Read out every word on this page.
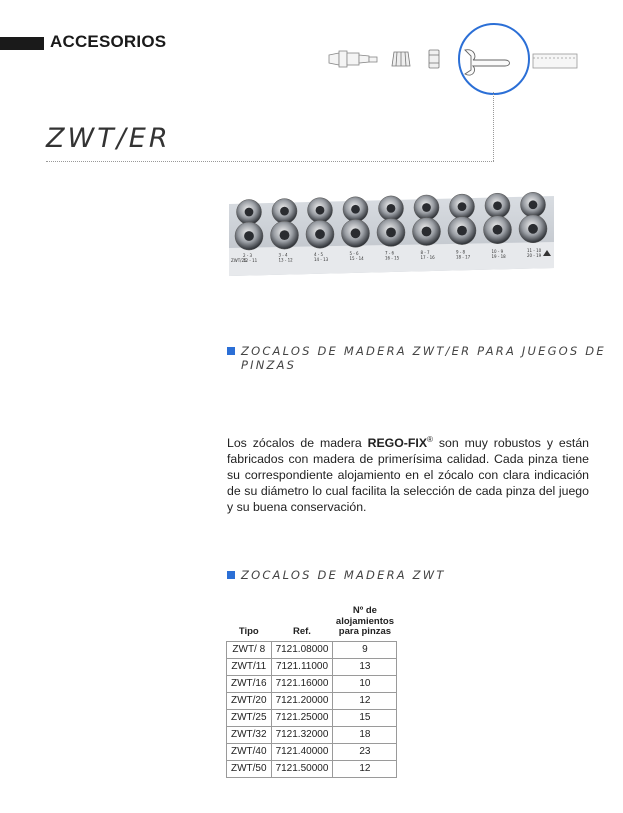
ACCESORIOS
ZWT/ER
ZWT/25
2 - 3
12 - 11
3 - 4
13 - 12
4 - 5
14 - 13
5 - 6
15 - 14
7 - 6
16 - 15
8 - 7
17 - 16
9 - 8
18 - 17
10 - 9
19 - 18
11 - 10
20 - 19
ZOCALOS DE MADERA ZWT/ER PARA JUEGOS DE PINZAS
Los zócalos de madera REGO-FIX® son muy robustos y están fabricados con madera de primerísima calidad. Cada pinza tiene su correspondiente alojamiento en el zócalo con clara indicación de su diámetro lo cual facilita la selección de cada pinza del juego y su buena conservación.
ZOCALOS DE MADERA ZWT
Tipo	Ref.	Nº de
alojamientos
para pinzas
ZWT/ 8	7121.08000	9
ZWT/11	7121.11000	13
ZWT/16	7121.16000	10
ZWT/20	7121.20000	12
ZWT/25	7121.25000	15
ZWT/32	7121.32000	18
ZWT/40	7121.40000	23
ZWT/50	7121.50000	12
